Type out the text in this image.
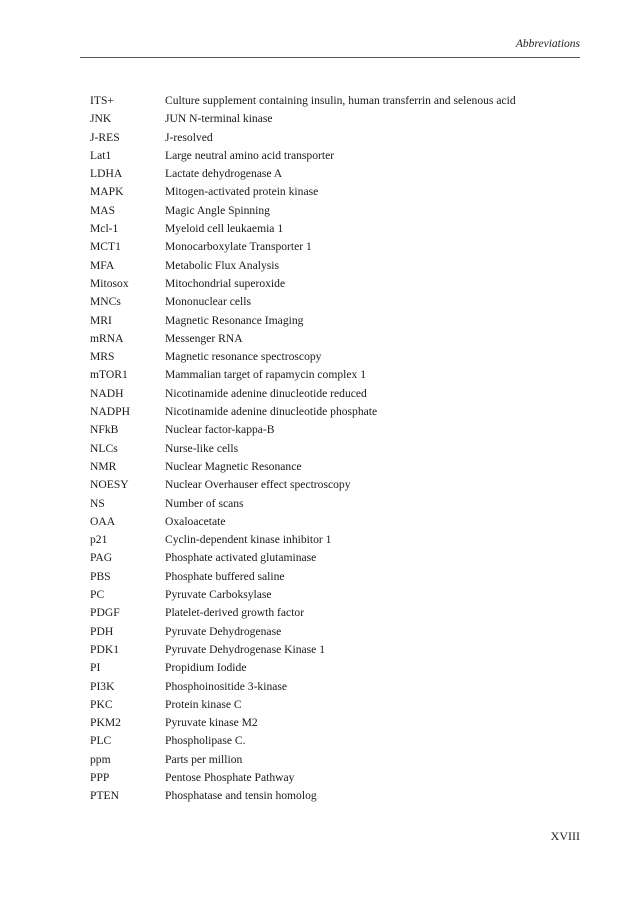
Abbreviations
ITS+	Culture supplement containing insulin, human transferrin and selenous acid
JNK	JUN N-terminal kinase
J-RES	J-resolved
Lat1	Large neutral amino acid transporter
LDHA	Lactate dehydrogenase A
MAPK	Mitogen-activated protein kinase
MAS	Magic Angle Spinning
Mcl-1	Myeloid cell leukaemia 1
MCT1	Monocarboxylate Transporter 1
MFA	Metabolic Flux Analysis
Mitosox	Mitochondrial superoxide
MNCs	Mononuclear cells
MRI	Magnetic Resonance Imaging
mRNA	Messenger RNA
MRS	Magnetic resonance spectroscopy
mTOR1	Mammalian target of rapamycin complex 1
NADH	Nicotinamide adenine dinucleotide reduced
NADPH	Nicotinamide adenine dinucleotide phosphate
NFkB	Nuclear factor-kappa-B
NLCs	Nurse-like cells
NMR	Nuclear Magnetic Resonance
NOESY	Nuclear Overhauser effect spectroscopy
NS	Number of scans
OAA	Oxaloacetate
p21	Cyclin-dependent kinase inhibitor 1
PAG	Phosphate activated glutaminase
PBS	Phosphate buffered saline
PC	Pyruvate Carboksylase
PDGF	Platelet-derived growth factor
PDH	Pyruvate Dehydrogenase
PDK1	Pyruvate Dehydrogenase Kinase 1
PI	Propidium Iodide
PI3K	Phosphoinositide 3-kinase
PKC	Protein kinase C
PKM2	Pyruvate kinase M2
PLC	Phospholipase C.
ppm	Parts per million
PPP	Pentose Phosphate Pathway
PTEN	Phosphatase and tensin homolog
XVIII
